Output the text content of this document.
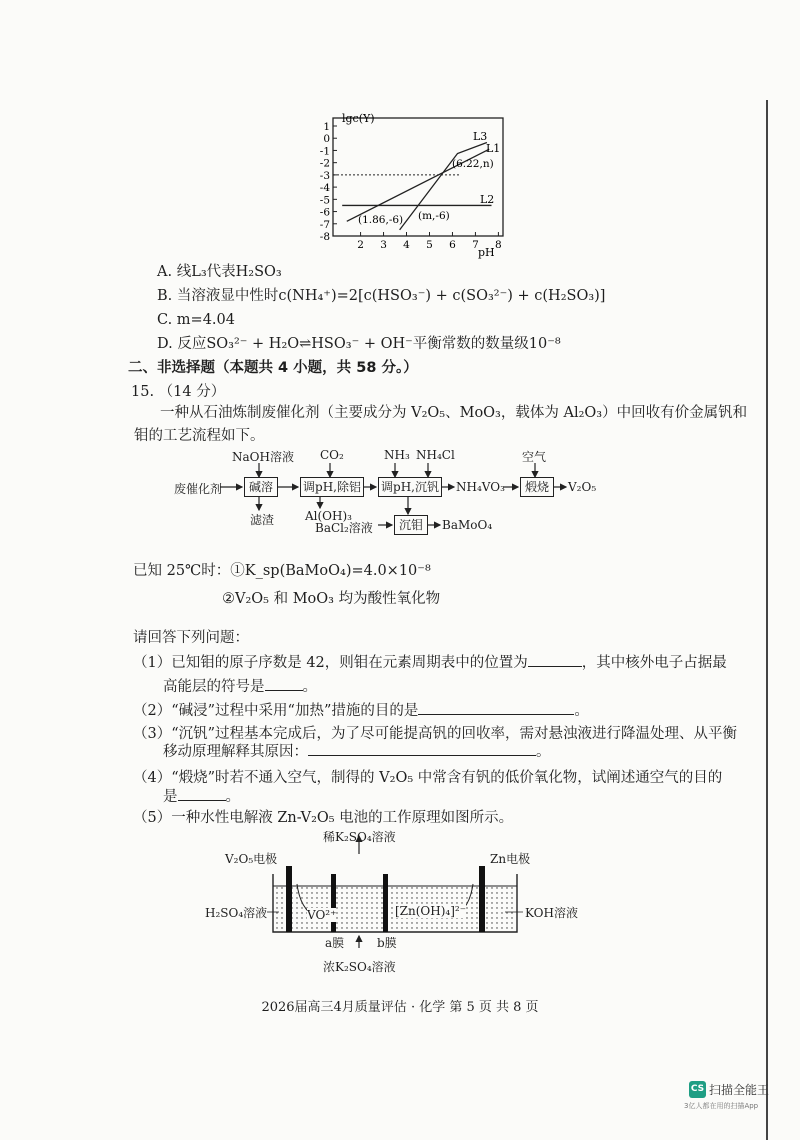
lgc(Y)
pH
1
0
-1
-2
-3
-4
-5
-6
-7
-8
2 3 4 5 6 7 8
L3
L1
L2
(6.22,n)
(1.86,-6) (m,-6)
A. 线L₃代表H₂SO₃
B. 当溶液显中性时c(NH₄⁺)=2[c(HSO₃⁻) + c(SO₃²⁻) + c(H₂SO₃)]
C. m=4.04
D. 反应SO₃²⁻ + H₂O⇌HSO₃⁻ + OH⁻平衡常数的数量级10⁻⁸
二、非选择题（本题共 4 小题，共 58 分。）
15. （14 分）
一种从石油炼制废催化剂（主要成分为 V₂O₅、MoO₃，载体为 Al₂O₃）中回收有价金属钒和
钼的工艺流程如下。
废催化剂	碱溶	调pH,除铝 调pH,沉钒	煅烧
沉钼
NaOH溶液 CO₂	NH₃ NH₄Cl	空气
NH₄VO₃	V₂O₅
滤渣	Al(OH)₃
BaCl₂溶液	BaMoO₄
已知 25℃时：①K_sp(BaMoO₄)=4.0×10⁻⁸
②V₂O₅ 和 MoO₃ 均为酸性氧化物
请回答下列问题：
（1）已知钼的原子序数是 42，则钼在元素周期表中的位置为	，其中核外电子占据最
高能层的符号是	。
（2）“碱浸”过程中采用“加热”措施的目的是	。
（3）“沉钒”过程基本完成后，为了尽可能提高钒的回收率，需对悬浊液进行降温处理、从平衡
移动原理解释其原因：	。
（4）“煅烧”时若不通入空气，制得的 V₂O₅ 中常含有钒的低价氧化物，试阐述通空气的目的
是	。
（5）一种水性电解液 Zn-V₂O₅ 电池的工作原理如图所示。
稀K₂SO₄溶液
V₂O₅电极	Zn电极
H₂SO₄溶液	KOH溶液
VO²⁺	[Zn(OH)₄]²⁻
a膜	b膜
浓K₂SO₄溶液
2026届高三4月质量评估 · 化学 第 5 页 共 8 页
CS 扫描全能王
3亿人都在用的扫描App
